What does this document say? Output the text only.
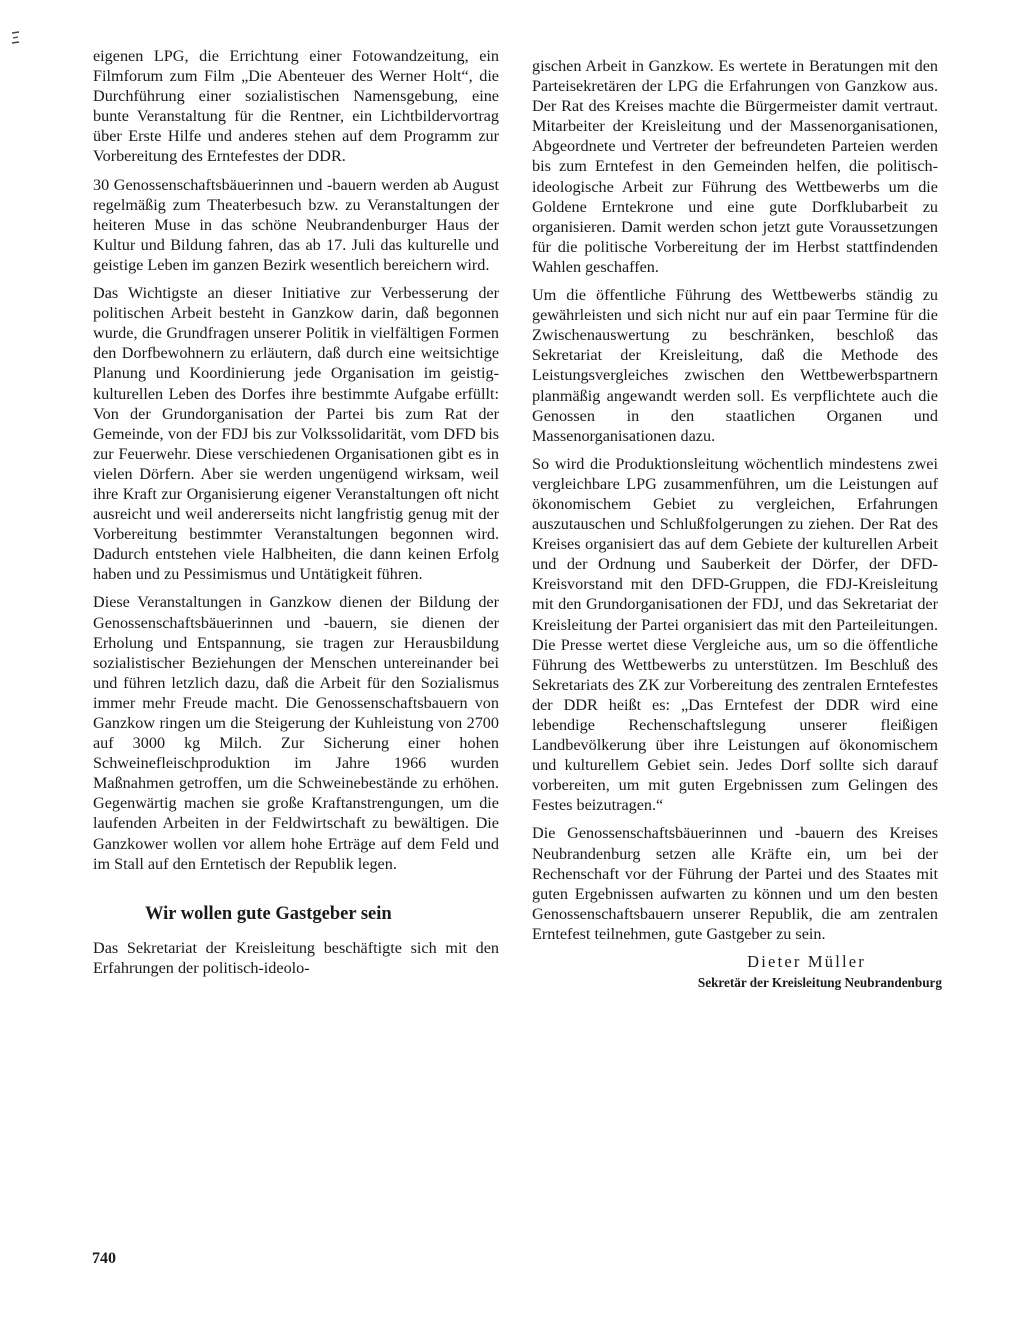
eigenen LPG, die Errichtung einer Fotowandzeitung, ein Filmforum zum Film „Die Abenteuer des Werner Holt“, die Durchführung einer sozialistischen Namensgebung, eine bunte Veranstaltung für die Rentner, ein Lichtbildervortrag über Erste Hilfe und anderes stehen auf dem Programm zur Vorbereitung des Erntefestes der DDR.

30 Genossenschaftsbäuerinnen und -bauern werden ab August regelmäßig zum Theaterbesuch bzw. zu Veranstaltungen der heiteren Muse in das schöne Neubrandenburger Haus der Kultur und Bildung fahren, das ab 17. Juli das kulturelle und geistige Leben im ganzen Bezirk wesentlich bereichern wird.

Das Wichtigste an dieser Initiative zur Verbesserung der politischen Arbeit besteht in Ganzkow darin, daß begonnen wurde, die Grundfragen unserer Politik in vielfältigen Formen den Dorfbewohnern zu erläutern, daß durch eine weitsichtige Planung und Koordinierung jede Organisation im geistig-kulturellen Leben des Dorfes ihre bestimmte Aufgabe erfüllt: Von der Grundorganisation der Partei bis zum Rat der Gemeinde, von der FDJ bis zur Volkssolidarität, vom DFD bis zur Feuerwehr. Diese verschiedenen Organisationen gibt es in vielen Dörfern. Aber sie werden ungenügend wirksam, weil ihre Kraft zur Organisierung eigener Veranstaltungen oft nicht ausreicht und weil andererseits nicht langfristig genug mit der Vorbereitung bestimmter Veranstaltungen begonnen wird. Dadurch entstehen viele Halbheiten, die dann keinen Erfolg haben und zu Pessimismus und Untätigkeit führen.

Diese Veranstaltungen in Ganzkow dienen der Bildung der Genossenschaftsbäuerinnen und -bauern, sie dienen der Erholung und Entspannung, sie tragen zur Herausbildung sozialistischer Beziehungen der Menschen untereinander bei und führen letzlich dazu, daß die Arbeit für den Sozialismus immer mehr Freude macht. Die Genossenschaftsbauern von Ganzkow ringen um die Steigerung der Kuhleistung von 2700 auf 3000 kg Milch. Zur Sicherung einer hohen Schweinefleischproduktion im Jahre 1966 wurden Maßnahmen getroffen, um die Schweinebestände zu erhöhen. Gegenwärtig machen sie große Kraftanstrengungen, um die laufenden Arbeiten in der Feldwirtschaft zu bewältigen. Die Ganzkower wollen vor allem hohe Erträge auf dem Feld und im Stall auf den Erntetisch der Republik legen.

Wir wollen gute Gastgeber sein

Das Sekretariat der Kreisleitung beschäftigte sich mit den Erfahrungen der politisch-ideolo-

gischen Arbeit in Ganzkow. Es wertete in Beratungen mit den Parteisekretären der LPG die Erfahrungen von Ganzkow aus. Der Rat des Kreises machte die Bürgermeister damit vertraut. Mitarbeiter der Kreisleitung und der Massenorganisationen, Abgeordnete und Vertreter der befreundeten Parteien werden bis zum Erntefest in den Gemeinden helfen, die politisch-ideologische Arbeit zur Führung des Wettbewerbs um die Goldene Erntekrone und eine gute Dorfklubarbeit zu organisieren. Damit werden schon jetzt gute Voraussetzungen für die politische Vorbereitung der im Herbst stattfindenden Wahlen geschaffen.

Um die öffentliche Führung des Wettbewerbs ständig zu gewährleisten und sich nicht nur auf ein paar Termine für die Zwischenauswertung zu beschränken, beschloß das Sekretariat der Kreisleitung, daß die Methode des Leistungsvergleiches zwischen den Wettbewerbspartnern planmäßig angewandt werden soll. Es verpflichtete auch die Genossen in den staatlichen Organen und Massenorganisationen dazu.

So wird die Produktionsleitung wöchentlich mindestens zwei vergleichbare LPG zusammenführen, um die Leistungen auf ökonomischem Gebiet zu vergleichen, Erfahrungen auszutauschen und Schlußfolgerungen zu ziehen. Der Rat des Kreises organisiert das auf dem Gebiete der kulturellen Arbeit und der Ordnung und Sauberkeit der Dörfer, der DFD-Kreisvorstand mit den DFD-Gruppen, die FDJ-Kreisleitung mit den Grundorganisationen der FDJ, und das Sekretariat der Kreisleitung der Partei organisiert das mit den Parteileitungen. Die Presse wertet diese Vergleiche aus, um so die öffentliche Führung des Wettbewerbs zu unterstützen. Im Beschluß des Sekretariats des ZK zur Vorbereitung des zentralen Erntefestes der DDR heißt es: „Das Erntefest der DDR wird eine lebendige Rechenschaftslegung unserer fleißigen Landbevölkerung über ihre Leistungen auf ökonomischem und kulturellem Gebiet sein. Jedes Dorf sollte sich darauf vorbereiten, um mit guten Ergebnissen zum Gelingen des Festes beizutragen.“

Die Genossenschaftsbäuerinnen und -bauern des Kreises Neubrandenburg setzen alle Kräfte ein, um bei der Rechenschaft vor der Führung der Partei und des Staates mit guten Ergebnissen aufwarten zu können und um den besten Genossenschaftsbauern unserer Republik, die am zentralen Erntefest teilnehmen, gute Gastgeber zu sein.

Dieter Müller
Sekretär der Kreisleitung Neubrandenburg
740
